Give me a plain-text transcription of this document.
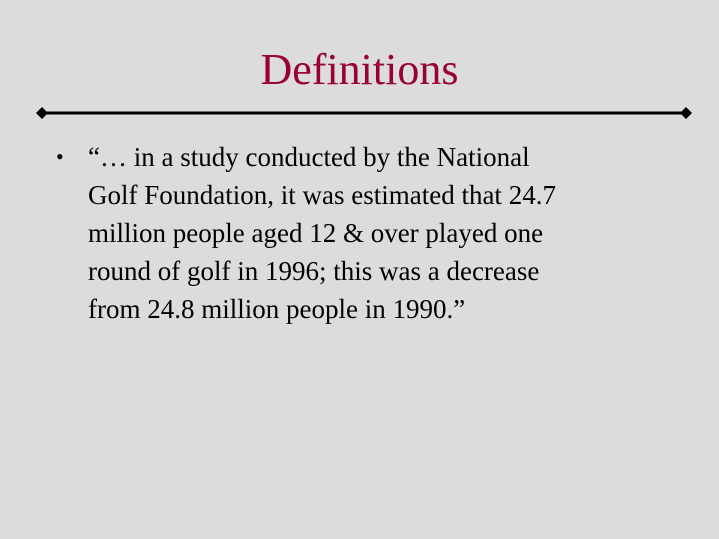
Definitions
• “… in a study conducted by the National
Golf Foundation, it was estimated that 24.7
million people aged 12 & over played one
round of golf in 1996; this was a decrease
from 24.8 million people in 1990.”
